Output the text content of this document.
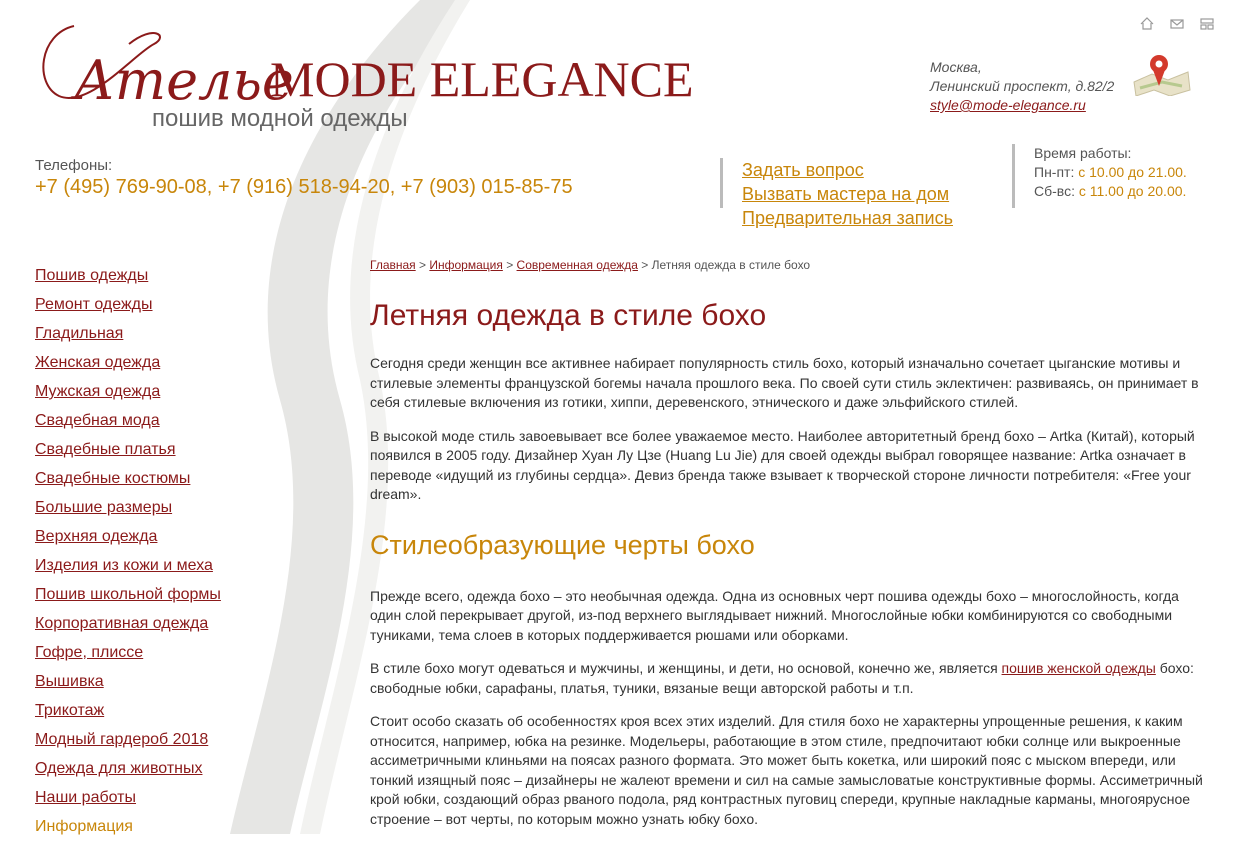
Ателье
MODE ELEGANCE
пошив модной одежды
Москва,
Ленинский проспект, д.82/2
style@mode-elegance.ru
Телефоны:
+7 (495) 769-90-08, +7 (916) 518-94-20, +7 (903) 015-85-75
Задать вопрос
Вызвать мастера на дом
Предварительная запись
Время работы:
Пн-пт: с 10.00 до 21.00.
Сб-вс: с 11.00 до 20.00.
Пошив одежды
Ремонт одежды
Гладильная
Женская одежда
Мужская одежда
Свадебная мода
Свадебные платья
Свадебные костюмы
Большие размеры
Верхняя одежда
Изделия из кожи и меха
Пошив школьной формы
Корпоративная одежда
Гофре, плиссе
Вышивка
Трикотаж
Модный гардероб 2018
Одежда для животных
Наши работы
Информация
Главная > Информация > Современная одежда > Летняя одежда в стиле бохо
Летняя одежда в стиле бохо

Сегодня среди женщин все активнее набирает популярность стиль бохо, который изначально сочетает цыганские мотивы и стилевые элементы французской богемы начала прошлого века. По своей сути стиль эклектичен: развиваясь, он принимает в себя стилевые включения из готики, хиппи, деревенского, этнического и даже эльфийского стилей.

В высокой моде стиль завоевывает все более уважаемое место. Наиболее авторитетный бренд бохо – Artka (Китай), который появился в 2005 году. Дизайнер Хуан Лу Цзе (Huang Lu Jie) для своей одежды выбрал говорящее название: Artka означает в переводе «идущий из глубины сердца». Девиз бренда также взывает к творческой стороне личности потребителя: «Free your dream».

Стилеобразующие черты бохо

Прежде всего, одежда бохо – это необычная одежда. Одна из основных черт пошива одежды бохо – многослойность, когда один слой перекрывает другой, из-под верхнего выглядывает нижний. Многослойные юбки комбинируются со свободными туниками, тема слоев в которых поддерживается рюшами или оборками.

В стиле бохо могут одеваться и мужчины, и женщины, и дети, но основой, конечно же, является пошив женской одежды бохо: свободные юбки, сарафаны, платья, туники, вязаные вещи авторской работы и т.п.

Стоит особо сказать об особенностях кроя всех этих изделий. Для стиля бохо не характерны упрощенные решения, к каким относится, например, юбка на резинке. Модельеры, работающие в этом стиле, предпочитают юбки солнце или выкроенные ассиметричными клиньями на поясах разного формата. Это может быть кокетка, или широкий пояс с мыском впереди, или тонкий изящный пояс – дизайнеры не жалеют времени и сил на самые замысловатые конструктивные формы. Ассиметричный крой юбки, создающий образ рваного подола, ряд контрастных пуговиц спереди, крупные накладные карманы, многоярусное строение – вот черты, по которым можно узнать юбку бохо.
